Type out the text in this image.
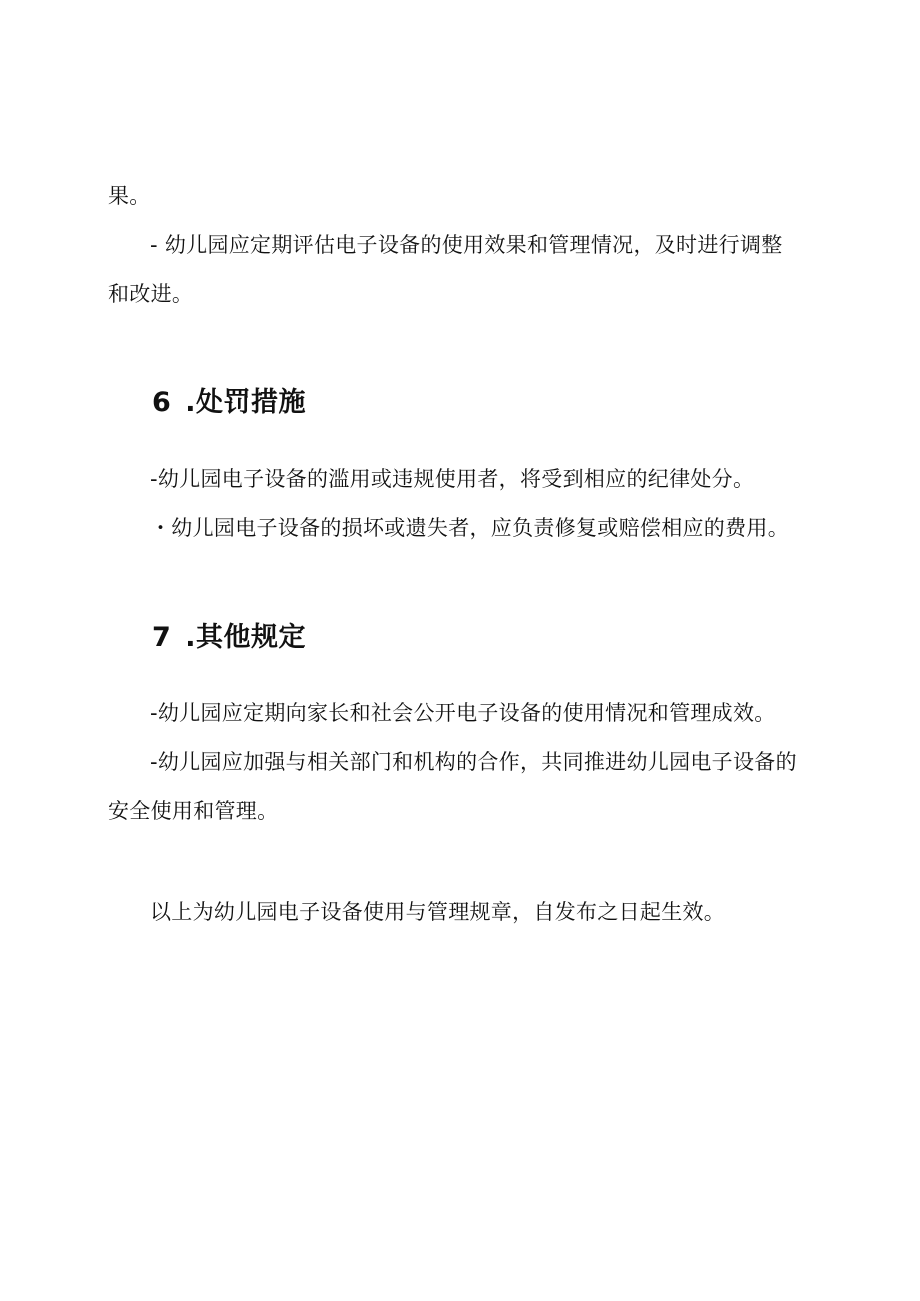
果。
- 幼儿园应定期评估电子设备的使用效果和管理情况，及时进行调整
和改进。
6 .处罚措施
-幼儿园电子设备的滥用或违规使用者，将受到相应的纪律处分。
・幼儿园电子设备的损坏或遗失者，应负责修复或赔偿相应的费用。
7 .其他规定
-幼儿园应定期向家长和社会公开电子设备的使用情况和管理成效。
-幼儿园应加强与相关部门和机构的合作，共同推进幼儿园电子设备的
安全使用和管理。
以上为幼儿园电子设备使用与管理规章，自发布之日起生效。
